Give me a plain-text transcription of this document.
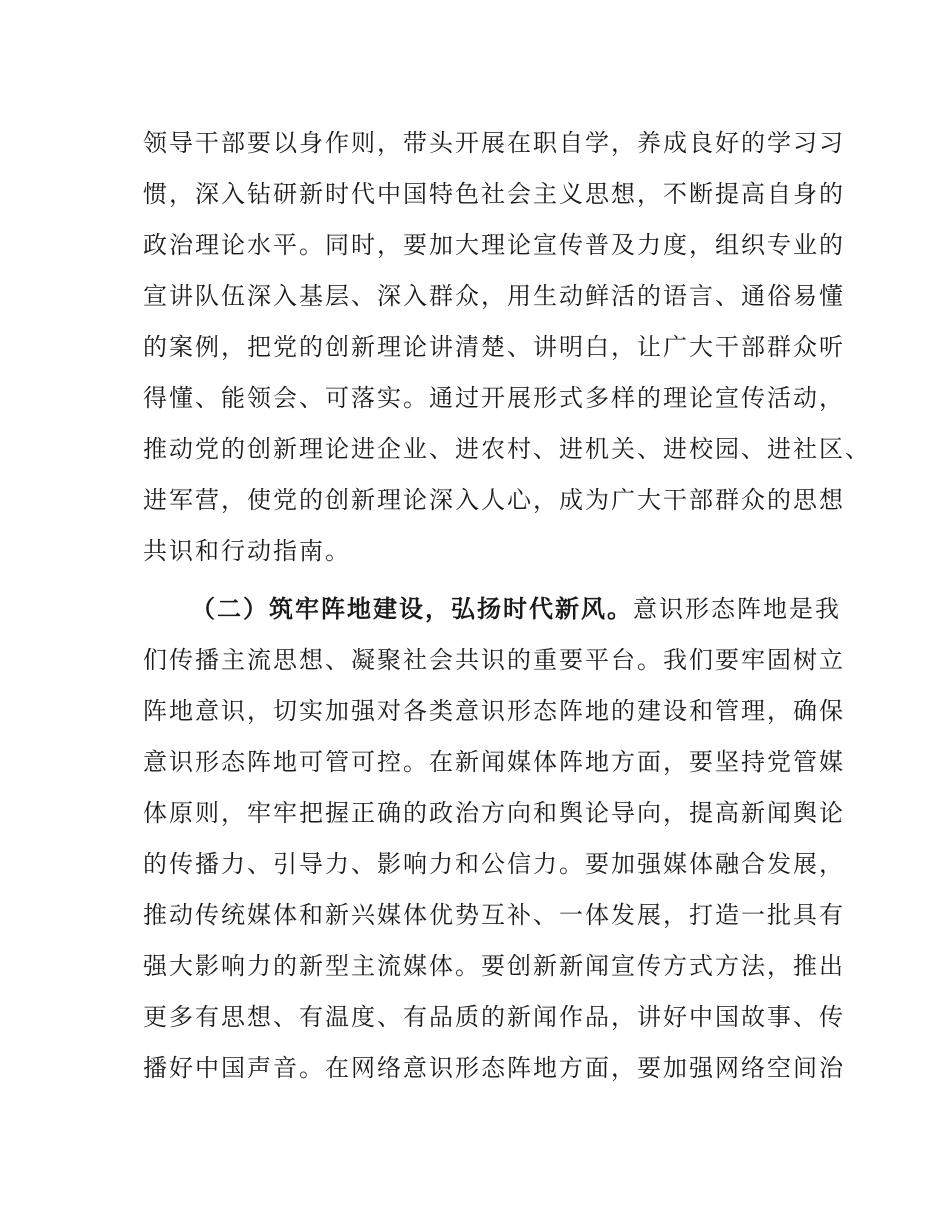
领导干部要以身作则，带头开展在职自学，养成良好的学习习
惯，深入钻研新时代中国特色社会主义思想，不断提高自身的
政治理论水平。同时，要加大理论宣传普及力度，组织专业的
宣讲队伍深入基层、深入群众，用生动鲜活的语言、通俗易懂
的案例，把党的创新理论讲清楚、讲明白，让广大干部群众听
得懂、能领会、可落实。通过开展形式多样的理论宣传活动，
推动党的创新理论进企业、进农村、进机关、进校园、进社区、
进军营，使党的创新理论深入人心，成为广大干部群众的思想
共识和行动指南。
（二）筑牢阵地建设，弘扬时代新风。意识形态阵地是我
们传播主流思想、凝聚社会共识的重要平台。我们要牢固树立
阵地意识，切实加强对各类意识形态阵地的建设和管理，确保
意识形态阵地可管可控。在新闻媒体阵地方面，要坚持党管媒
体原则，牢牢把握正确的政治方向和舆论导向，提高新闻舆论
的传播力、引导力、影响力和公信力。要加强媒体融合发展，
推动传统媒体和新兴媒体优势互补、一体发展，打造一批具有
强大影响力的新型主流媒体。要创新新闻宣传方式方法，推出
更多有思想、有温度、有品质的新闻作品，讲好中国故事、传
播好中国声音。在网络意识形态阵地方面，要加强网络空间治
